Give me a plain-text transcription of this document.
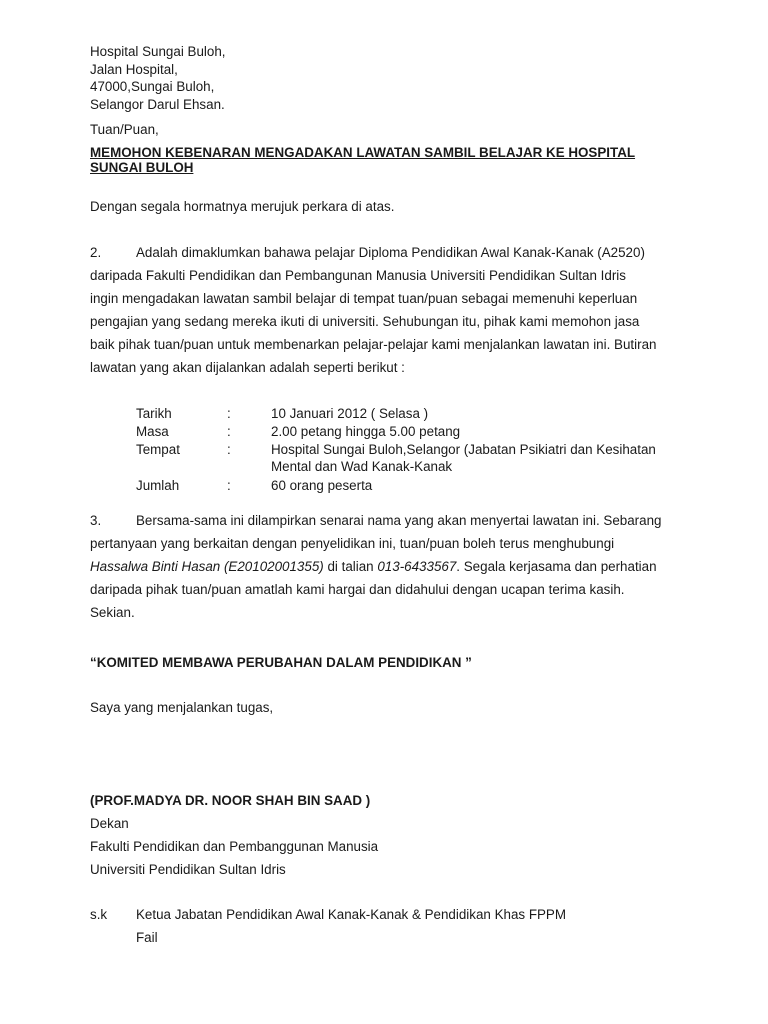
Hospital Sungai Buloh,
Jalan Hospital,
47000,Sungai Buloh,
Selangor Darul Ehsan.
Tuan/Puan,
MEMOHON KEBENARAN MENGADAKAN LAWATAN SAMBIL BELAJAR KE HOSPITAL
SUNGAI BULOH
Dengan segala hormatnya merujuk perkara di atas.
2.	Adalah dimaklumkan bahawa pelajar Diploma Pendidikan Awal Kanak-Kanak (A2520)
daripada Fakulti Pendidikan dan Pembangunan Manusia Universiti Pendidikan Sultan Idris
ingin mengadakan lawatan sambil belajar di tempat tuan/puan sebagai memenuhi keperluan
pengajian yang sedang mereka ikuti di universiti. Sehubungan itu, pihak kami memohon jasa
baik pihak tuan/puan untuk membenarkan pelajar-pelajar kami menjalankan lawatan ini. Butiran
lawatan yang akan dijalankan adalah seperti berikut :
Tarikh	:	10 Januari 2012 ( Selasa )
Masa	:	2.00 petang hingga 5.00 petang
Tempat	:	Hospital Sungai Buloh,Selangor (Jabatan Psikiatri dan Kesihatan
Mental dan Wad Kanak-Kanak
Jumlah	:	60 orang peserta
3.	Bersama-sama ini dilampirkan senarai nama yang akan menyertai lawatan ini. Sebarang
pertanyaan yang berkaitan dengan penyelidikan ini, tuan/puan boleh terus menghubungi
Hassalwa Binti Hasan (E20102001355) di talian 013-6433567. Segala kerjasama dan perhatian
daripada pihak tuan/puan amatlah kami hargai dan didahului dengan ucapan terima kasih.
Sekian.
“KOMITED MEMBAWA PERUBAHAN DALAM PENDIDIKAN ”
Saya yang menjalankan tugas,
(PROF.MADYA DR. NOOR SHAH BIN SAAD )
Dekan
Fakulti Pendidikan dan Pembanggunan Manusia
Universiti Pendidikan Sultan Idris
s.k Ketua Jabatan Pendidikan Awal Kanak-Kanak & Pendidikan Khas FPPM
Fail
